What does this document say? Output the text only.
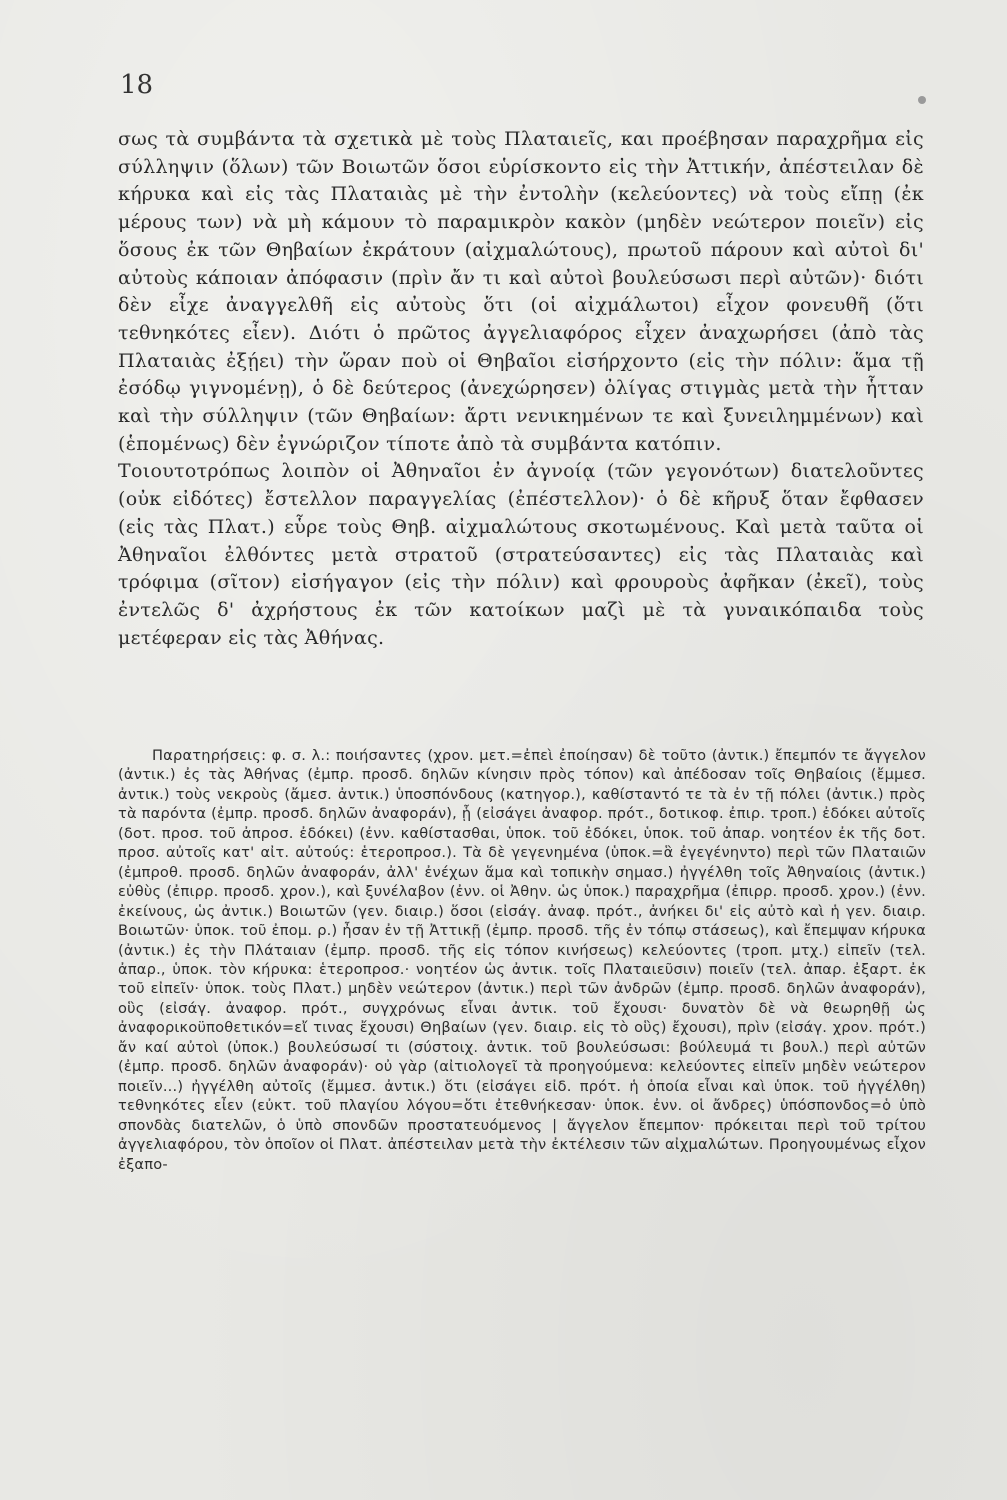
18

σως τὰ συμβάντα τὰ σχετικὰ μὲ τοὺς Πλαταιεῖς, και προέβησαν παραχρῆμα εἰς σύλληψιν (ὅλων) τῶν Βοιωτῶν ὅσοι εὑρίσκοντο εἰς τὴν Ἀττικήν, ἀπέστειλαν δὲ κήρυκα καὶ εἰς τὰς Πλαταιὰς μὲ τὴν ἐντολὴν (κελεύοντες) νὰ τοὺς εἴπῃ (ἐκ μέρους των) νὰ μὴ κάμουν τὸ παραμικρὸν κακὸν (μηδὲν νεώτερον ποιεῖν) εἰς ὅσους ἐκ τῶν Θηβαίων ἐκράτουν (αἰχμαλώτους), πρωτοῦ πάρουν καὶ αὐτοὶ δι' αὐτοὺς κάποιαν ἀπόφασιν (πρὶν ἄν τι καὶ αὐτοὶ βουλεύσωσι περὶ αὐτῶν)· διότι δὲν εἶχε ἀναγγελθῆ εἰς αὐτοὺς ὅτι (οἱ αἰχμάλωτοι) εἶχον φονευθῆ (ὅτι τεθνηκότες εἶεν). Διότι ὁ πρῶτος ἀγγελιαφόρος εἶχεν ἀναχωρήσει (ἀπὸ τὰς Πλαταιὰς ἐξῄει) τὴν ὥραν ποὺ οἱ Θηβαῖοι εἰσήρχοντο (εἰς τὴν πόλιν: ἅμα τῇ ἐσόδῳ γιγνομένῃ), ὁ δὲ δεύτερος (ἀνεχώρησεν) ὀλίγας στιγμὰς μετὰ τὴν ἧτταν καὶ τὴν σύλληψιν (τῶν Θηβαίων: ἄρτι νενικημένων τε καὶ ξυνειλημμένων) καὶ (ἑπομένως) δὲν ἐγνώριζον τίποτε ἀπὸ τὰ συμβάντα κατόπιν.

Τοιουτοτρόπως λοιπὸν οἱ Ἀθηναῖοι ἐν ἀγνοίᾳ (τῶν γεγονότων) διατελοῦντες (οὐκ εἰδότες) ἔστελλον παραγγελίας (ἐπέστελλον)· ὁ δὲ κῆρυξ ὅταν ἔφθασεν (εἰς τὰς Πλατ.) εὗρε τοὺς Θηβ. αἰχμαλώτους σκοτωμένους. Καὶ μετὰ ταῦτα οἱ Ἀθηναῖοι ἐλθόντες μετὰ στρατοῦ (στρατεύσαντες) εἰς τὰς Πλαταιὰς καὶ τρόφιμα (σῖτον) εἰσήγαγον (εἰς τὴν πόλιν) καὶ φρουροὺς ἀφῆκαν (ἐκεῖ), τοὺς ἐντελῶς δ' ἀχρήστους ἐκ τῶν κατοίκων μαζὶ μὲ τὰ γυναικόπαιδα τοὺς μετέφεραν εἰς τὰς Ἀθήνας.

Παρατηρήσεις: φ. σ. λ.: ποιήσαντες (χρον. μετ.=ἐπεὶ ἐποίησαν) δὲ τοῦτο (ἀντικ.) ἔπεμπόν τε ἄγγελον (ἀντικ.) ἐς τὰς Ἀθήνας (ἐμπρ. προσδ. δηλῶν κίνησιν πρὸς τόπον) καὶ ἀπέδοσαν τοῖς Θηβαίοις (ἔμμεσ. ἀντικ.) τοὺς νεκροὺς (ἄμεσ. ἀντικ.) ὑποσπόνδους (κατηγορ.), καθίσταντό τε τὰ ἐν τῇ πόλει (ἀντικ.) πρὸς τὰ παρόντα (ἐμπρ. προσδ. δηλῶν ἀναφοράν), ᾗ (εἰσάγει ἀναφορ. πρότ., δοτικοφ. ἐπιρ. τροπ.) ἐδόκει αὐτοῖς (δοτ. προσ. τοῦ ἀπροσ. ἐδόκει) (ἐνν. καθίστασθαι, ὑποκ. τοῦ ἐδόκει, ὑποκ. τοῦ ἀπαρ. νοητέον ἐκ τῆς δοτ. προσ. αὐτοῖς κατ' αἰτ. αὐτούς: ἑτεροπροσ.). Τὰ δὲ γεγενημένα (ὑποκ.=ἃ ἐγεγένηντο) περὶ τῶν Πλαταιῶν (ἐμπροθ. προσδ. δηλῶν ἀναφοράν, ἀλλ' ἐνέχων ἅμα καὶ τοπικὴν σημασ.) ἠγγέλθη τοῖς Ἀθηναίοις (ἀντικ.) εὐθὺς (ἐπιρρ. προσδ. χρον.), καὶ ξυνέλαβον (ἐνν. οἱ Ἀθην. ὡς ὑποκ.) παραχρῆμα (ἐπιρρ. προσδ. χρον.) (ἐνν. ἐκείνους, ὡς ἀντικ.) Βοιωτῶν (γεν. διαιρ.) ὅσοι (εἰσάγ. ἀναφ. πρότ., ἀνήκει δι' εἰς αὐτὸ καὶ ἡ γεν. διαιρ. Βοιωτῶν· ὑποκ. τοῦ ἐπομ. ρ.) ἦσαν ἐν τῇ Ἀττικῇ (ἐμπρ. προσδ. τῆς ἐν τόπῳ στάσεως), καὶ ἔπεμψαν κήρυκα (ἀντικ.) ἐς τὴν Πλάταιαν (ἐμπρ. προσδ. τῆς εἰς τόπον κινήσεως) κελεύοντες (τροπ. μτχ.) εἰπεῖν (τελ. ἀπαρ., ὑποκ. τὸν κήρυκα: ἑτεροπροσ.· νοητέον ὡς ἀντικ. τοῖς Πλαταιεῦσιν) ποιεῖν (τελ. ἀπαρ. ἐξαρτ. ἐκ τοῦ εἰπεῖν· ὑποκ. τοὺς Πλατ.) μηδὲν νεώτερον (ἀντικ.) περὶ τῶν ἀνδρῶν (ἐμπρ. προσδ. δηλῶν ἀναφοράν), οὓς (εἰσάγ. ἀναφορ. πρότ., συγχρόνως εἶναι ἀντικ. τοῦ ἔχουσι· δυνατὸν δὲ νὰ θεωρηθῇ ὡς ἀναφορικοϋποθετικόν=εἴ τινας ἔχουσι) Θηβαίων (γεν. διαιρ. εἰς τὸ οὓς) ἔχουσι), πρὶν (εἰσάγ. χρον. πρότ.) ἄν καί αὐτοὶ (ὑποκ.) βουλεύσωσί τι (σύστοιχ. ἀντικ. τοῦ βουλεύσωσι: βούλευμά τι βουλ.) περὶ αὐτῶν (ἐμπρ. προσδ. δηλῶν ἀναφοράν)· οὐ γὰρ (αἰτιολογεῖ τὰ προηγούμενα: κελεύοντες εἰπεῖν μηδὲν νεώτερον ποιεῖν...) ἠγγέλθη αὐτοῖς (ἔμμεσ. ἀντικ.) ὅτι (εἰσάγει εἰδ. πρότ. ἡ ὁποία εἶναι καὶ ὑποκ. τοῦ ἠγγέλθη) τεθνηκότες εἶεν (εὐκτ. τοῦ πλαγίου λόγου=ὅτι ἐτεθνήκεσαν· ὑποκ. ἐνν. οἱ ἄνδρες) ὑπόσπονδος=ὁ ὑπὸ σπονδὰς διατελῶν, ὁ ὑπὸ σπονδῶν προστατευόμενος | ἄγγελον ἔπεμπον· πρόκειται περὶ τοῦ τρίτου ἀγγελιαφόρου, τὸν ὁποῖον οἱ Πλατ. ἀπέστειλαν μετὰ τὴν ἐκτέλεσιν τῶν αἰχμαλώτων. Προηγουμένως εἶχον ἐξαπο-
